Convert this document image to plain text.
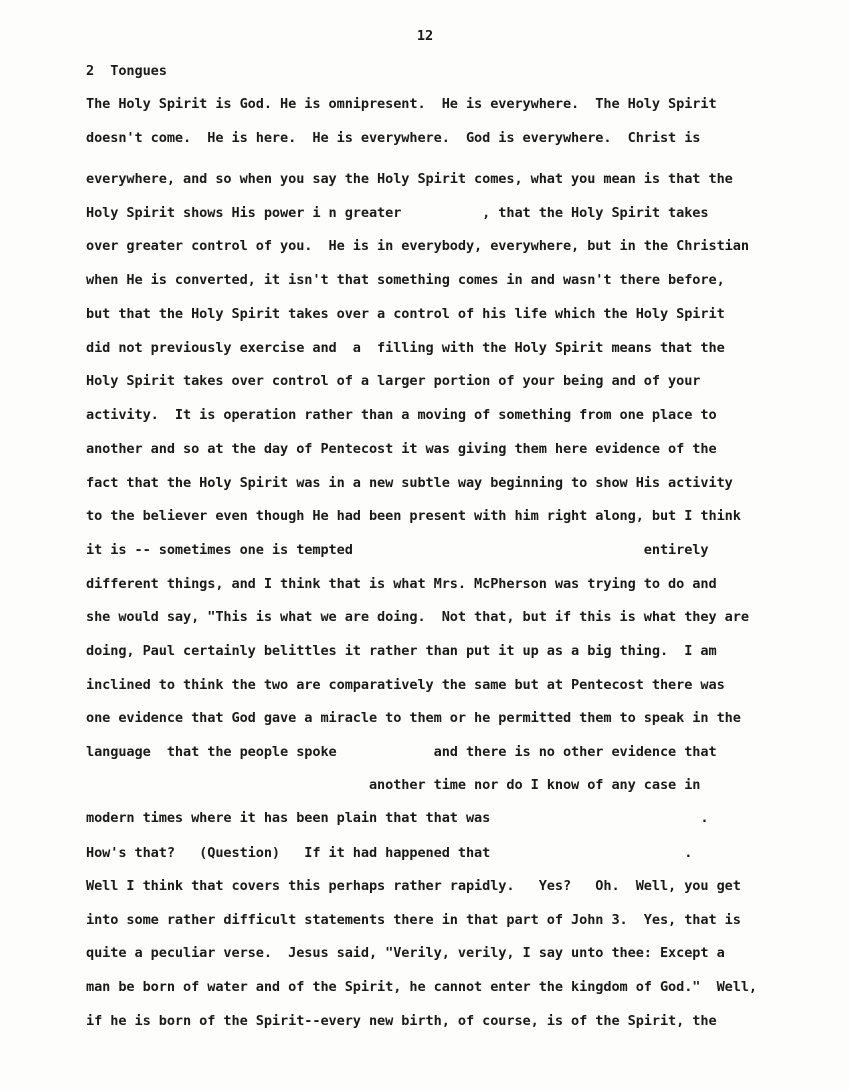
12
2  Tongues
The Holy Spirit is God. He is omnipresent.  He is everywhere.  The Holy Spirit
doesn't come.  He is here.  He is everywhere.  God is everywhere.  Christ is
everywhere, and so when you say the Holy Spirit comes, what you mean is that the
Holy Spirit shows His power i n greater          , that the Holy Spirit takes
over greater control of you.  He is in everybody, everywhere, but in the Christian
when He is converted, it isn't that something comes in and wasn't there before,
but that the Holy Spirit takes over a control of his life which the Holy Spirit
did not previously exercise and  a  filling with the Holy Spirit means that the
Holy Spirit takes over control of a larger portion of your being and of your
activity.  It is operation rather than a moving of something from one place to
another and so at the day of Pentecost it was giving them here evidence of the
fact that the Holy Spirit was in a new subtle way beginning to show His activity
to the believer even though He had been present with him right along, but I think
it is -- sometimes one is tempted                                    entirely
different things, and I think that is what Mrs. McPherson was trying to do and
she would say, "This is what we are doing.  Not that, but if this is what they are
doing, Paul certainly belittles it rather than put it up as a big thing.  I am
inclined to think the two are comparatively the same but at Pentecost there was
one evidence that God gave a miracle to them or he permitted them to speak in the
language  that the people spoke            and there is no other evidence that
another time nor do I know of any case in
modern times where it has been plain that that was                          .
How's that?   (Question)   If it had happened that                        .
Well I think that covers this perhaps rather rapidly.   Yes?   Oh.  Well, you get
into some rather difficult statements there in that part of John 3.  Yes, that is
quite a peculiar verse.  Jesus said, "Verily, verily, I say unto thee: Except a
man be born of water and of the Spirit, he cannot enter the kingdom of God."  Well,
if he is born of the Spirit--every new birth, of course, is of the Spirit, the
